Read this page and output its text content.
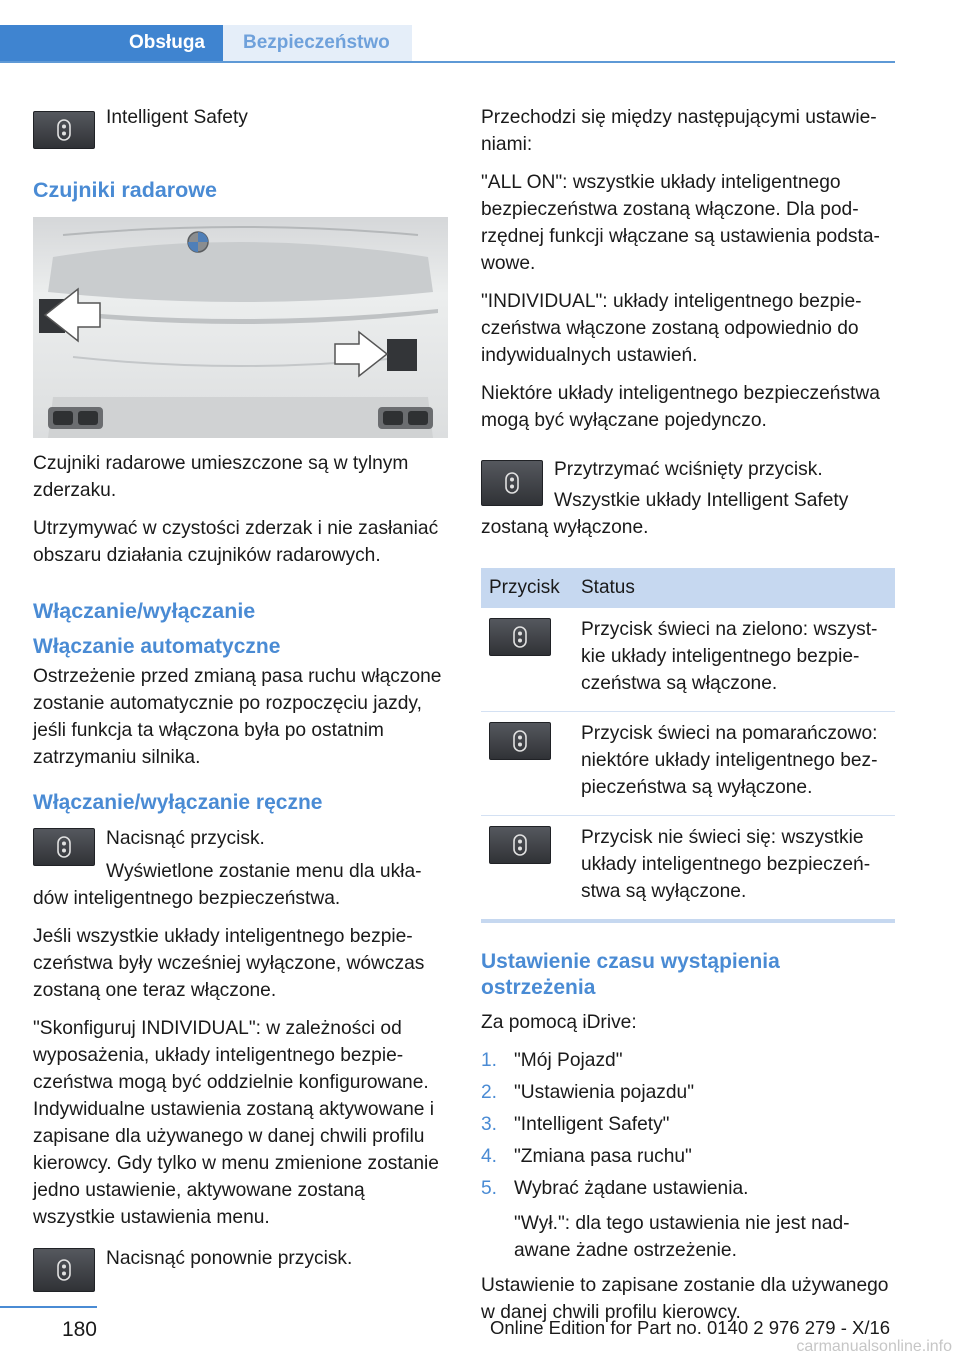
Obsługa	Bezpieczeństwo

Intelligent Safety

Czujniki radarowe

Czujniki radarowe umieszczone są w tylnym zderzaku.

Utrzymywać w czystości zderzak i nie zasłaniać obszaru działania czujników radarowych.

Włączanie/wyłączanie
Włączanie automatyczne

Ostrzeżenie przed zmianą pasa ruchu włączone zostanie automatycznie po rozpoczęciu jazdy, jeśli funkcja ta włączona była po ostatnim zatrzymaniu silnika.

Włączanie/wyłączanie ręczne

Nacisnąć przycisk.

Wyświetlone zostanie menu dla układów inteligentnego bezpieczeństwa.

Jeśli wszystkie układy inteligentnego bezpieczeństwa były wcześniej wyłączone, wówczas zostaną one teraz włączone.

"Skonfiguruj INDIVIDUAL": w zależności od wyposażenia, układy inteligentnego bezpieczeństwa mogą być oddzielnie konfigurowane. Indywidualne ustawienia zostaną aktywowane i zapisane dla używanego w danej chwili profilu kierowcy. Gdy tylko w menu zmienione zostanie jedno ustawienie, aktywowane zostaną wszystkie ustawienia menu.

Nacisnąć ponownie przycisk.

Przechodzi się między następującymi ustawieniami:

"ALL ON": wszystkie układy inteligentnego bezpieczeństwa zostaną włączone. Dla podrzędnej funkcji włączane są ustawienia podstawowe.

"INDIVIDUAL": układy inteligentnego bezpieczeństwa włączone zostaną odpowiednio do indywidualnych ustawień.

Niektóre układy inteligentnego bezpieczeństwa mogą być wyłączane pojedynczo.

Przytrzymać wciśnięty przycisk.

Wszystkie układy Intelligent Safety zostaną wyłączone.

Przycisk	Status

	Przycisk świeci na zielono: wszystkie układy inteligentnego bezpieczeństwa są włączone.

	Przycisk świeci na pomarańczowo: niektóre układy inteligentnego bezpieczeństwa są wyłączone.

	Przycisk nie świeci się: wszystkie układy inteligentnego bezpieczeństwa są wyłączone.
Ustawienie czasu wystąpienia ostrzeżenia

Za pomocą iDrive:

1. "Mój Pojazd"
2. "Ustawienia pojazdu"
3. "Intelligent Safety"
4. "Zmiana pasa ruchu"
5. Wybrać żądane ustawienia.

"Wył.": dla tego ustawienia nie jest nadawane żadne ostrzeżenie.

Ustawienie to zapisane zostanie dla używanego w danej chwili profilu kierowcy.

180	Online Edition for Part no. 0140 2 976 279 - X/16
carmanualsonline.info
